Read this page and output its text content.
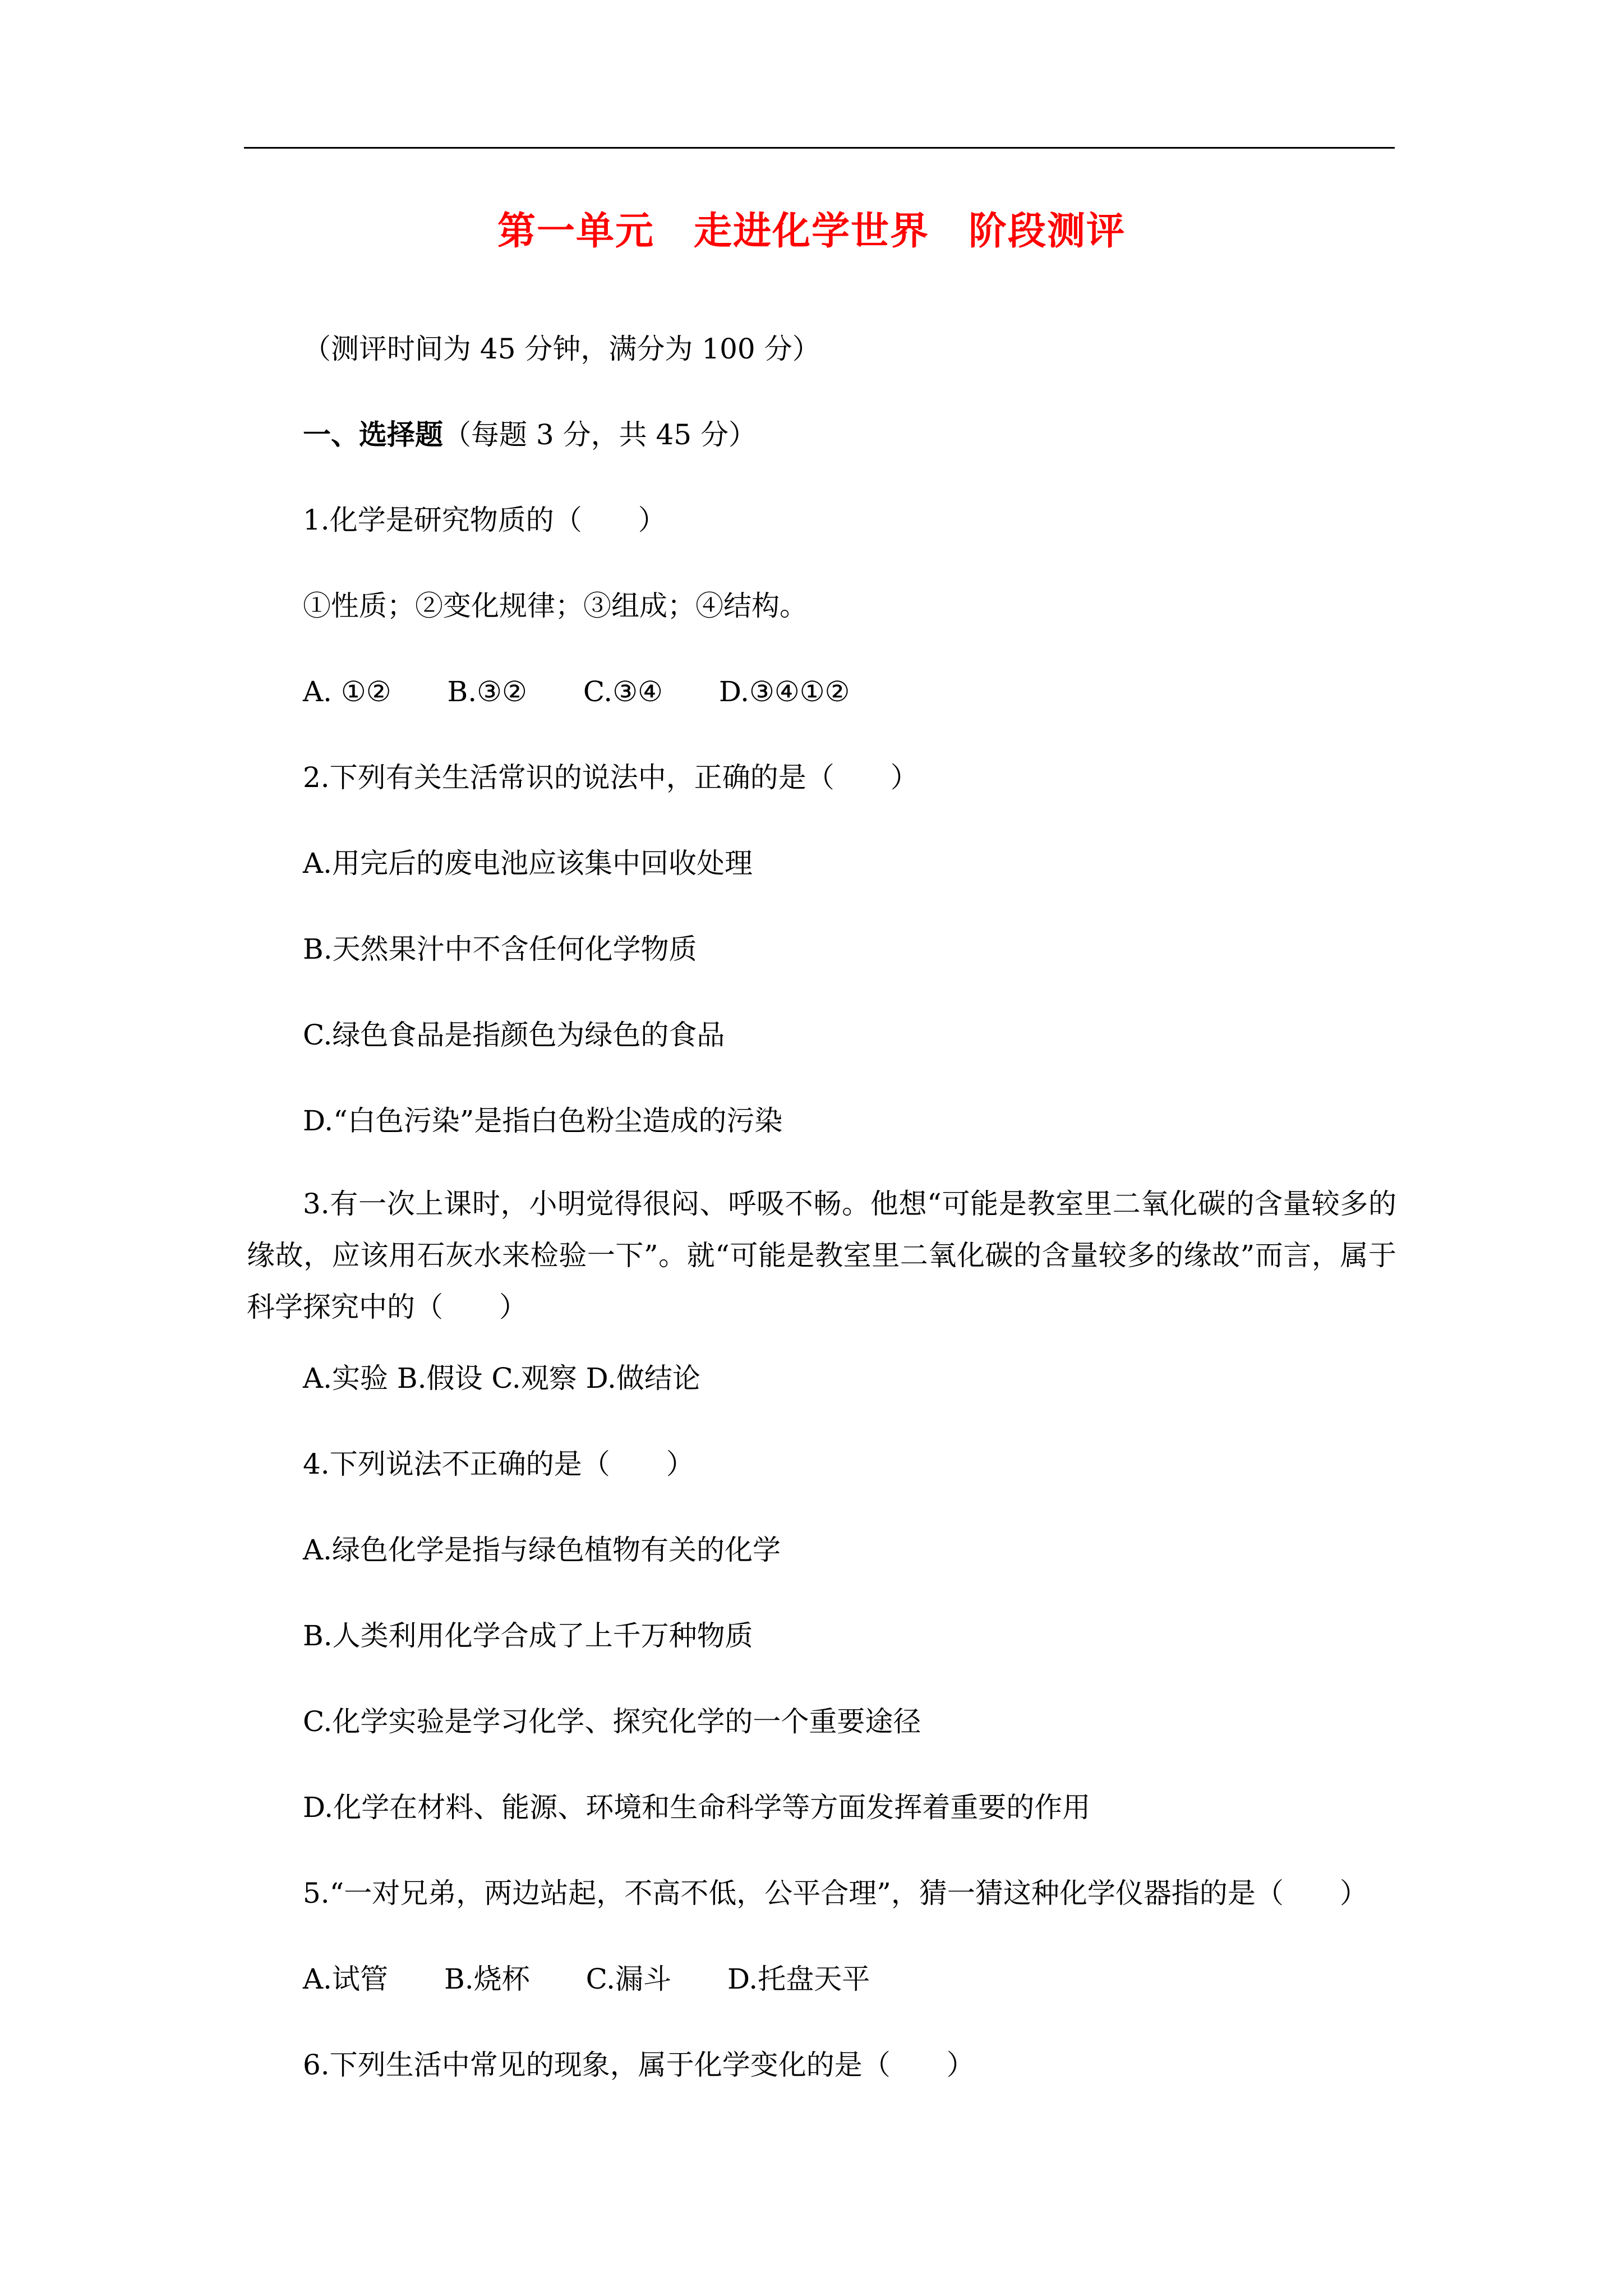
第一单元　走进化学世界　阶段测评
（测评时间为 45 分钟，满分为 100 分）
一、选择题（每题 3 分，共 45 分）
1.化学是研究物质的（　　）
①性质；②变化规律；③组成；④结构。
A. ①②　　B.③②　　C.③④　　D.③④①②
2.下列有关生活常识的说法中，正确的是（　　）
A.用完后的废电池应该集中回收处理
B.天然果汁中不含任何化学物质
C.绿色食品是指颜色为绿色的食品
D.“白色污染”是指白色粉尘造成的污染

3.有一次上课时，小明觉得很闷、呼吸不畅。他想“可能是教室里二氧化碳的含量较多的缘故，应该用石灰水来检验一下”。就“可能是教室里二氧化碳的含量较多的缘故”而言，属于科学探究中的（　　）

A.实验 B.假设 C.观察 D.做结论
4.下列说法不正确的是（　　）
A.绿色化学是指与绿色植物有关的化学
B.人类利用化学合成了上千万种物质
C.化学实验是学习化学、探究化学的一个重要途径
D.化学在材料、能源、环境和生命科学等方面发挥着重要的作用
5.“一对兄弟，两边站起，不高不低，公平合理”，猜一猜这种化学仪器指的是（　　）
A.试管　　B.烧杯　　C.漏斗　　D.托盘天平
6.下列生活中常见的现象，属于化学变化的是（　　）
